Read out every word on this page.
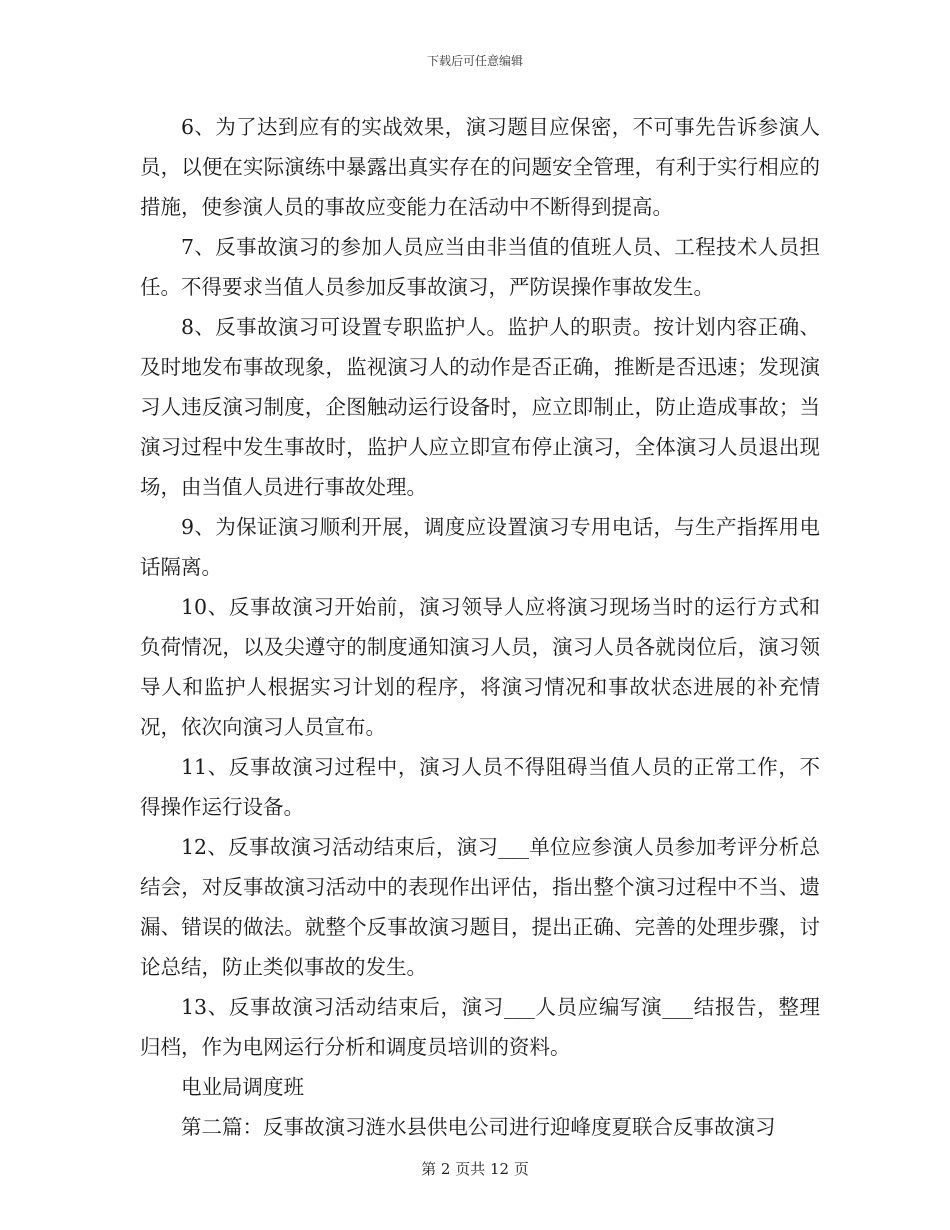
下载后可任意编辑

6、为了达到应有的实战效果，演习题目应保密，不可事先告诉参演人员，以便在实际演练中暴露出真实存在的问题安全管理，有利于实行相应的措施，使参演人员的事故应变能力在活动中不断得到提高。

7、反事故演习的参加人员应当由非当值的值班人员、工程技术人员担任。不得要求当值人员参加反事故演习，严防误操作事故发生。

8、反事故演习可设置专职监护人。监护人的职责。按计划内容正确、及时地发布事故现象，监视演习人的动作是否正确，推断是否迅速；发现演习人违反演习制度，企图触动运行设备时，应立即制止，防止造成事故；当演习过程中发生事故时，监护人应立即宣布停止演习，全体演习人员退出现场，由当值人员进行事故处理。

9、为保证演习顺利开展，调度应设置演习专用电话，与生产指挥用电话隔离。

10、反事故演习开始前，演习领导人应将演习现场当时的运行方式和负荷情况，以及尖遵守的制度通知演习人员，演习人员各就岗位后，演习领导人和监护人根据实习计划的程序，将演习情况和事故状态进展的补充情况，依次向演习人员宣布。

11、反事故演习过程中，演习人员不得阻碍当值人员的正常工作，不得操作运行设备。

12、反事故演习活动结束后，演习___单位应参演人员参加考评分析总结会，对反事故演习活动中的表现作出评估，指出整个演习过程中不当、遗漏、错误的做法。就整个反事故演习题目，提出正确、完善的处理步骤，讨论总结，防止类似事故的发生。

13、反事故演习活动结束后，演习___人员应编写演___结报告，整理归档，作为电网运行分析和调度员培训的资料。

电业局调度班

第二篇：反事故演习涟水县供电公司进行迎峰度夏联合反事故演习

第 2 页共 12 页
